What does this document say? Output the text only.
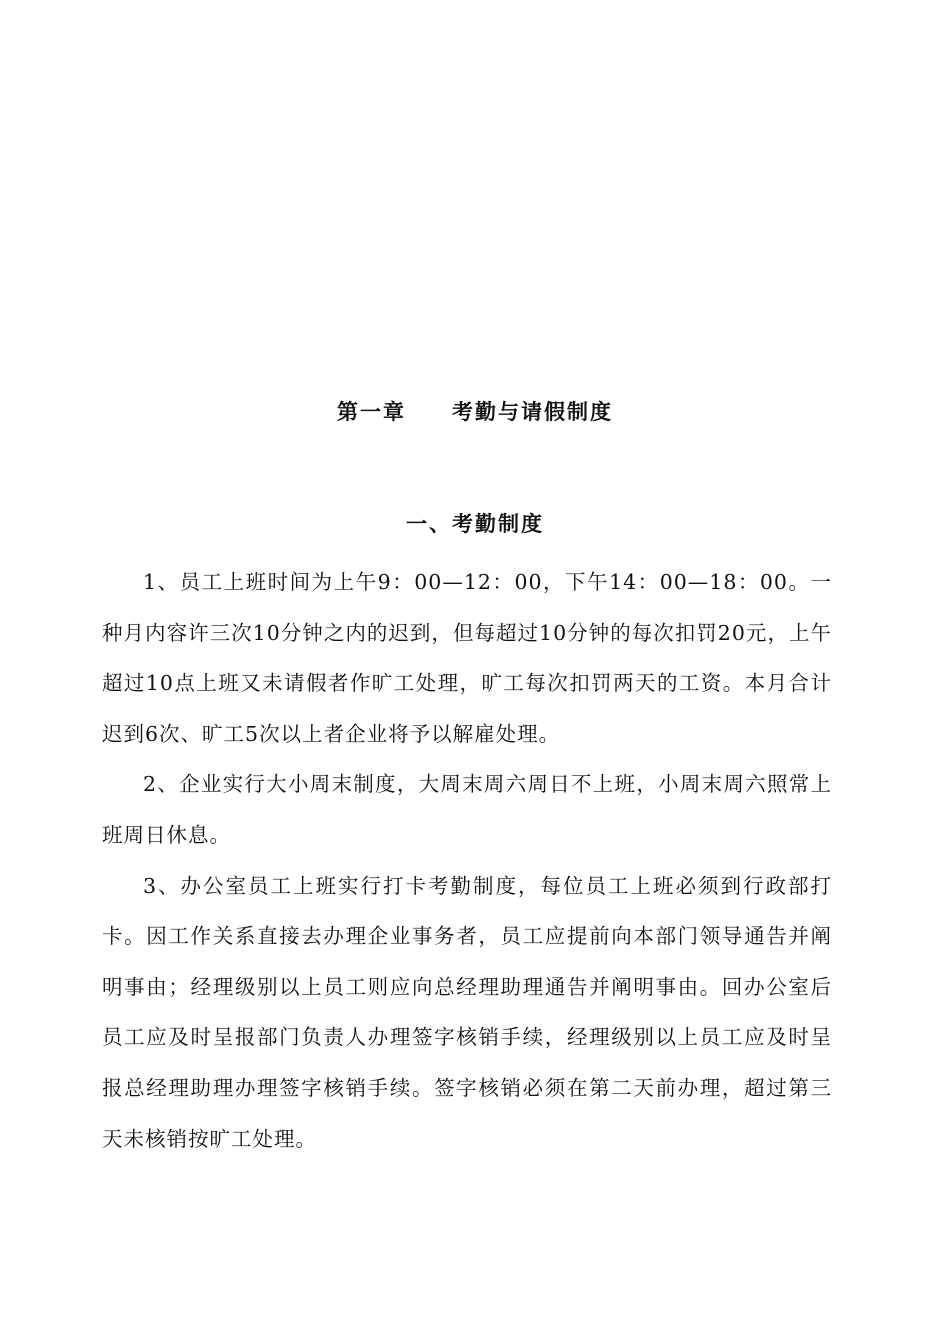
第一章　　考勤与请假制度
一、考勤制度

1、员工上班时间为上午9：00—12：00，下午14：00—18：00。一种月内容许三次10分钟之内的迟到，但每超过10分钟的每次扣罚20元，上午超过10点上班又未请假者作旷工处理，旷工每次扣罚两天的工资。本月合计迟到6次、旷工5次以上者企业将予以解雇处理。

2、企业实行大小周末制度，大周末周六周日不上班，小周末周六照常上班周日休息。

3、办公室员工上班实行打卡考勤制度，每位员工上班必须到行政部打卡。因工作关系直接去办理企业事务者，员工应提前向本部门领导通告并阐明事由；经理级别以上员工则应向总经理助理通告并阐明事由。回办公室后员工应及时呈报部门负责人办理签字核销手续，经理级别以上员工应及时呈报总经理助理办理签字核销手续。签字核销必须在第二天前办理，超过第三天未核销按旷工处理。
